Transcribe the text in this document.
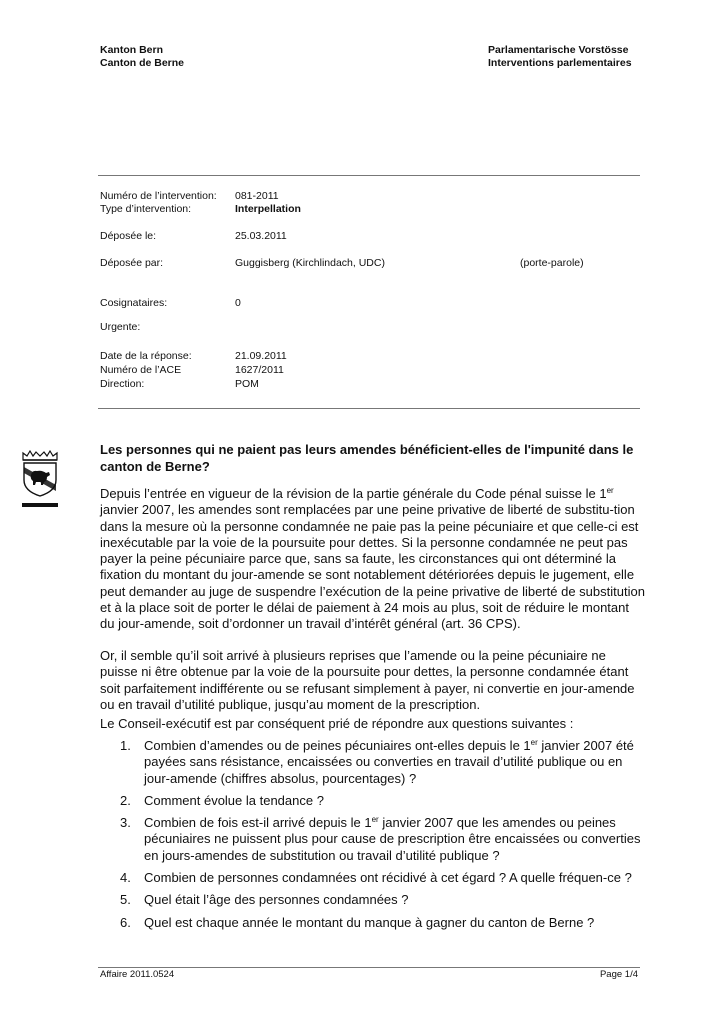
Kanton Bern
Canton de Berne
Parlamentarische Vorstösse
Interventions parlementaires
Numéro de l’intervention: 081-2011
Type d’intervention:	Interpellation
Déposée le:	25.03.2011
Déposée par:	Guggisberg (Kirchlindach, UDC)	(porte-parole)
Cosignataires:	0
Urgente:
Date de la réponse:	21.09.2011
Numéro de l’ACE	1627/2011
Direction:	POM
Les personnes qui ne paient pas leurs amendes bénéficient-elles de l'impunité dans le canton de Berne?

Depuis l’entrée en vigueur de la révision de la partie générale du Code pénal suisse le 1er janvier 2007, les amendes sont remplacées par une peine privative de liberté de substitu-tion dans la mesure où la personne condamnée ne paie pas la peine pécuniaire et que celle-ci est inexécutable par la voie de la poursuite pour dettes. Si la personne condamnée ne peut pas payer la peine pécuniaire parce que, sans sa faute, les circonstances qui ont déterminé la fixation du montant du jour-amende se sont notablement détériorées depuis le jugement, elle peut demander au juge de suspendre l’exécution de la peine privative de liberté de substitution et à la place soit de porter le délai de paiement à 24 mois au plus, soit de réduire le montant du jour-amende, soit d’ordonner un travail d’intérêt général (art. 36 CPS).

Or, il semble qu’il soit arrivé à plusieurs reprises que l’amende ou la peine pécuniaire ne puisse ni être obtenue par la voie de la poursuite pour dettes, la personne condamnée étant soit parfaitement indifférente ou se refusant simplement à payer, ni convertie en jour-amende ou en travail d’utilité publique, jusqu’au moment de la prescription.

Le Conseil-exécutif est par conséquent prié de répondre aux questions suivantes :

1. Combien d’amendes ou de peines pécuniaires ont-elles depuis le 1er janvier 2007 été payées sans résistance, encaissées ou converties en travail d’utilité publique ou en jour-amende (chiffres absolus, pourcentages) ?
2. Comment évolue la tendance ?
3. Combien de fois est-il arrivé depuis le 1er janvier 2007 que les amendes ou peines pécuniaires ne puissent plus pour cause de prescription être encaissées ou converties en jours-amendes de substitution ou travail d’utilité publique ?
4. Combien de personnes condamnées ont récidivé à cet égard ? A quelle fréquen-ce ?
5. Quel était l’âge des personnes condamnées ?
6. Quel est chaque année le montant du manque à gagner du canton de Berne ?
Affaire 2011.0524	Page 1/4
